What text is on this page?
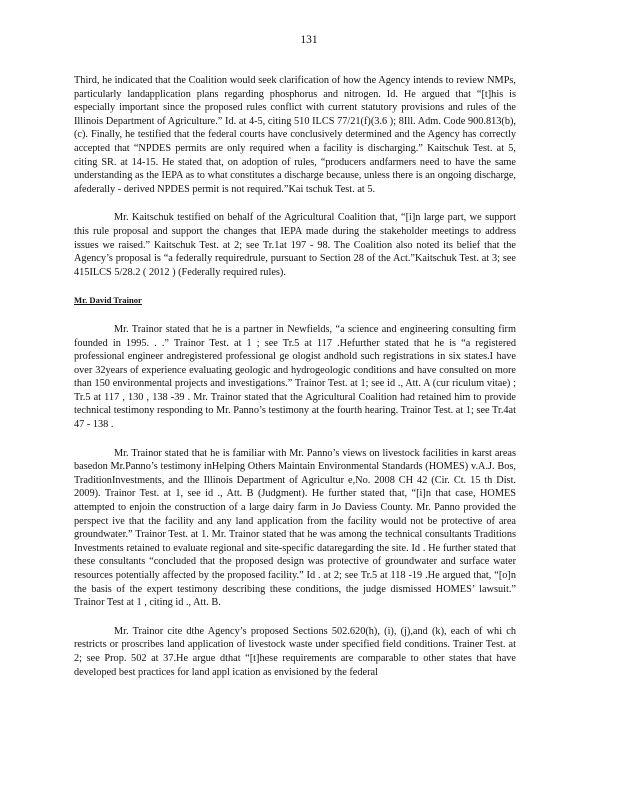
131

Third, he indicated that the Coalition would seek clarification of how the Agency intends to review NMPs, particularly landapplication plans regarding phosphorus and nitrogen. Id. He argued that “[t]his is especially important since the proposed rules conflict with current statutory provisions and rules of the Illinois Department of Agriculture.” Id. at 4-5, citing 510 ILCS 77/21(f)(3.6 ); 8Ill. Adm. Code 900.813(b), (c). Finally, he testified that the federal courts have conclusively determined and the Agency has correctly accepted that “NPDES permits are only required when a facility is discharging.” Kaitschuk Test. at 5, citing SR. at 14-15. He stated that, on adoption of rules, “producers andfarmers need to have the same understanding as the IEPA as to what constitutes a discharge because, unless there is an ongoing discharge, afederally - derived NPDES permit is not required.”Kai tschuk Test. at 5.

Mr. Kaitschuk testified on behalf of the Agricultural Coalition that, “[i]n large part, we support this rule proposal and support the changes that IEPA made during the stakeholder meetings to address issues we raised.” Kaitschuk Test. at 2; see Tr.1at 197 - 98. The Coalition also noted its belief that the Agency’s proposal is “a federally requiredrule, pursuant to Section 28 of the Act.”Kaitschuk Test. at 3; see 415ILCS 5/28.2 ( 2012 ) (Federally required rules).

Mr. David Trainor

Mr. Trainor stated that he is a partner in Newfields, “a science and engineering consulting firm founded in 1995. . .” Trainor Test. at 1 ; see Tr.5 at 117 .Hefurther stated that he is “a registered professional engineer andregistered professional ge ologist andhold such registrations in six states.I have over 32years of experience evaluating geologic and hydrogeologic conditions and have consulted on more than 150 environmental projects and investigations.” Trainor Test. at 1; see id ., Att. A (cur riculum vitae) ; Tr.5 at 117 , 130 , 138 -39 . Mr. Trainor stated that the Agricultural Coalition had retained him to provide technical testimony responding to Mr. Panno’s testimony at the fourth hearing. Trainor Test. at 1; see Tr.4at 47 - 138 .

Mr. Trainor stated that he is familiar with Mr. Panno’s views on livestock facilities in karst areas basedon Mr.Panno’s testimony inHelping Others Maintain Environmental Standards (HOMES) v.A.J. Bos, TraditionInvestments, and the Illinois Department of Agricultur e,No. 2008 CH 42 (Cir. Ct. 15 th Dist. 2009). Trainor Test. at 1, see id ., Att. B (Judgment). He further stated that, “[i]n that case, HOMES attempted to enjoin the construction of a large dairy farm in Jo Daviess County. Mr. Panno provided the perspect ive that the facility and any land application from the facility would not be protective of area groundwater.” Trainor Test. at 1. Mr. Trainor stated that he was among the technical consultants Traditions Investments retained to evaluate regional and site-specific dataregarding the site. Id . He further stated that these consultants “concluded that the proposed design was protective of groundwater and surface water resources potentially affected by the proposed facility.” Id . at 2; see Tr.5 at 118 -19 .He argued that, “[o]n the basis of the expert testimony describing these conditions, the judge dismissed HOMES’ lawsuit.” Trainor Test at 1 , citing id ., Att. B.

Mr. Trainor cite dthe Agency’s proposed Sections 502.620(h), (i), (j),and (k), each of whi ch restricts or proscribes land application of livestock waste under specified field conditions. Trainer Test. at 2; see Prop. 502 at 37.He argue dthat “[t]hese requirements are comparable to other states that have developed best practices for land appl ication as envisioned by the federal
